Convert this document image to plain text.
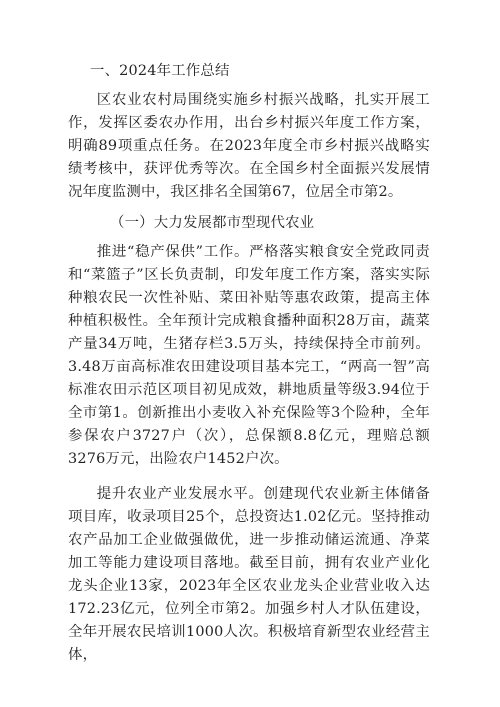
一、2024年工作总结

区农业农村局围绕实施乡村振兴战略，扎实开展工作，发挥区委农办作用，出台乡村振兴年度工作方案，明确89项重点任务。在2023年度全市乡村振兴战略实绩考核中，获评优秀等次。在全国乡村全面振兴发展情况年度监测中，我区排名全国第67，位居全市第2。

（一）大力发展都市型现代农业

推进“稳产保供”工作。严格落实粮食安全党政同责和“菜篮子”区长负责制，印发年度工作方案，落实实际种粮农民一次性补贴、菜田补贴等惠农政策，提高主体种植积极性。全年预计完成粮食播种面积28万亩，蔬菜产量34万吨，生猪存栏3.5万头，持续保持全市前列。3.48万亩高标准农田建设项目基本完工，“两高一智”高标准农田示范区项目初见成效，耕地质量等级3.94位于全市第1。创新推出小麦收入补充保险等3个险种，全年参保农户3727户（次），总保额8.8亿元，理赔总额3276万元，出险农户1452户次。

提升农业产业发展水平。创建现代农业新主体储备项目库，收录项目25个，总投资达1.02亿元。坚持推动农产品加工企业做强做优，进一步推动储运流通、净菜加工等能力建设项目落地。截至目前，拥有农业产业化龙头企业13家，2023年全区农业龙头企业营业收入达172.23亿元，位列全市第2。加强乡村人才队伍建设，全年开展农民培训1000人次。积极培育新型农业经营主体，
